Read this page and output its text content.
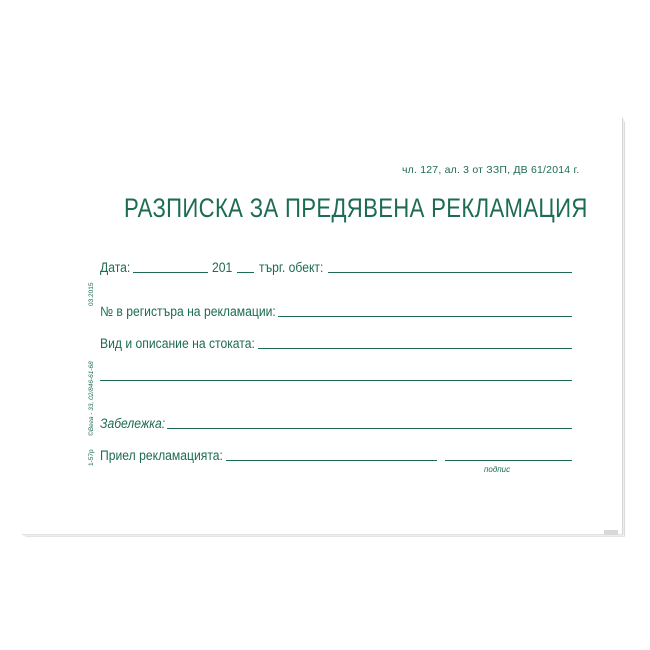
чл. 127, ал. 3 от ЗЗП, ДВ 61/2014 г.
РАЗПИСКА ЗА ПРЕДЯВЕНА РЕКЛАМАЦИЯ
Дата:	201 търг. обект:
№ в регистъра на рекламации:
Вид и описание на стоката:
Забележка:
Приел рекламацията:
подпис
03.2015
©Вега - 33, 02/846-61-68
1-57р
